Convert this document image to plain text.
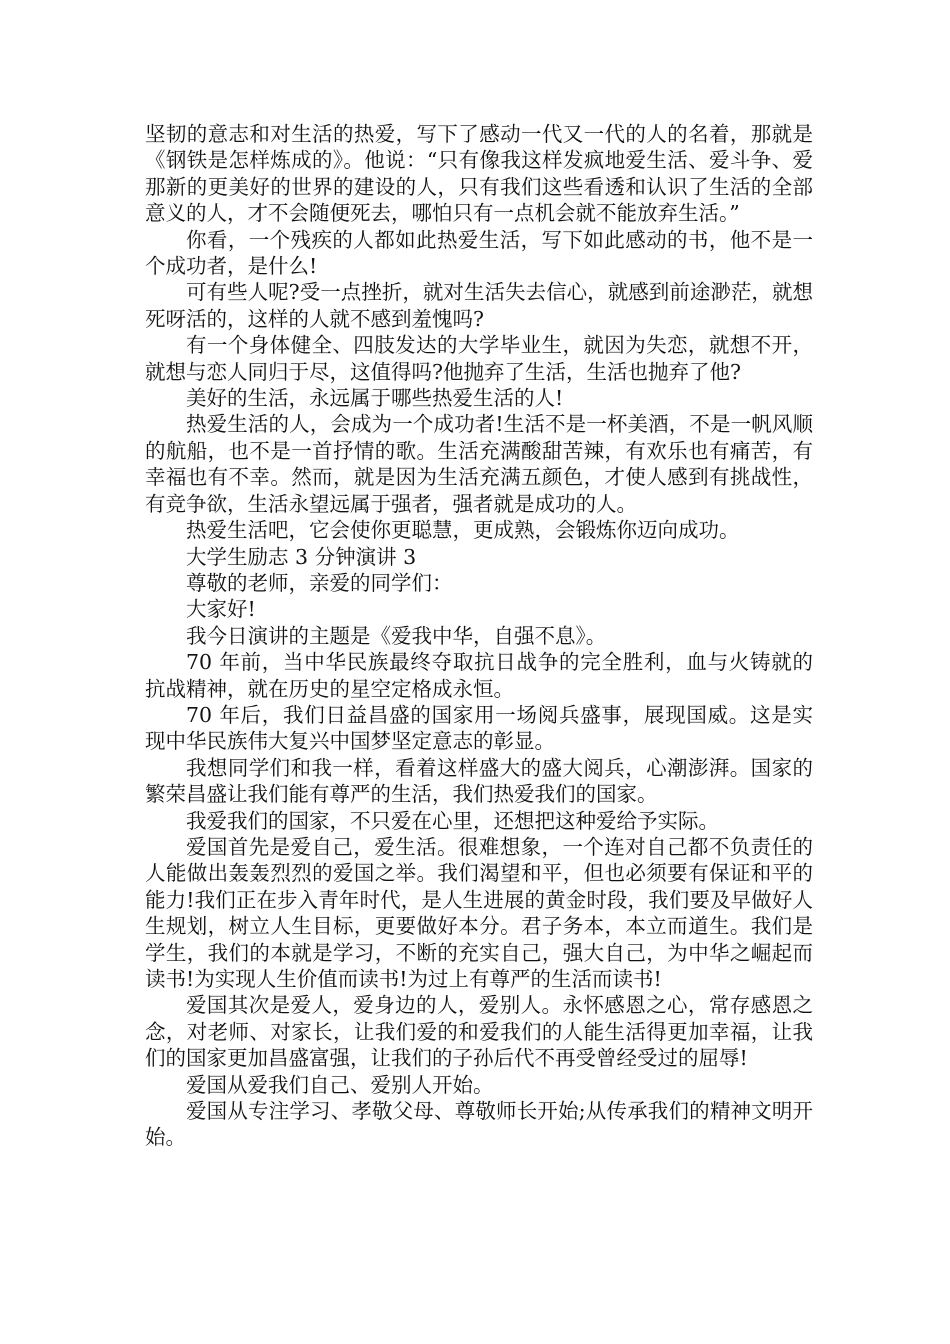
坚韧的意志和对生活的热爱，写下了感动一代又一代的人的名着，那就是《钢铁是怎样炼成的》。他说：“只有像我这样发疯地爱生活、爱斗争、爱那新的更美好的世界的建设的人，只有我们这些看透和认识了生活的全部意义的人，才不会随便死去，哪怕只有一点机会就不能放弃生活。”

你看，一个残疾的人都如此热爱生活，写下如此感动的书，他不是一个成功者，是什么!

可有些人呢?受一点挫折，就对生活失去信心，就感到前途渺茫，就想死呀活的，这样的人就不感到羞愧吗?

有一个身体健全、四肢发达的大学毕业生，就因为失恋，就想不开，就想与恋人同归于尽，这值得吗?他抛弃了生活，生活也抛弃了他?

美好的生活，永远属于哪些热爱生活的人!

热爱生活的人，会成为一个成功者!生活不是一杯美酒，不是一帆风顺的航船，也不是一首抒情的歌。生活充满酸甜苦辣，有欢乐也有痛苦，有幸福也有不幸。然而，就是因为生活充满五颜色，才使人感到有挑战性，有竞争欲，生活永望远属于强者，强者就是成功的人。

热爱生活吧，它会使你更聪慧，更成熟，会锻炼你迈向成功。

大学生励志 3 分钟演讲 3

尊敬的老师，亲爱的同学们：

大家好!

我今日演讲的主题是《爱我中华，自强不息》。

70 年前，当中华民族最终夺取抗日战争的完全胜利，血与火铸就的抗战精神，就在历史的星空定格成永恒。

70 年后，我们日益昌盛的国家用一场阅兵盛事，展现国威。这是实现中华民族伟大复兴中国梦坚定意志的彰显。

我想同学们和我一样，看着这样盛大的盛大阅兵，心潮澎湃。国家的繁荣昌盛让我们能有尊严的生活，我们热爱我们的国家。

我爱我们的国家，不只爱在心里，还想把这种爱给予实际。

爱国首先是爱自己，爱生活。很难想象，一个连对自己都不负责任的人能做出轰轰烈烈的爱国之举。我们渴望和平，但也必须要有保证和平的能力!我们正在步入青年时代，是人生进展的黄金时段，我们要及早做好人生规划，树立人生目标，更要做好本分。君子务本，本立而道生。我们是学生，我们的本就是学习，不断的充实自己，强大自己，为中华之崛起而读书!为实现人生价值而读书!为过上有尊严的生活而读书!

爱国其次是爱人，爱身边的人，爱别人。永怀感恩之心，常存感恩之念，对老师、对家长，让我们爱的和爱我们的人能生活得更加幸福，让我们的国家更加昌盛富强，让我们的子孙后代不再受曾经受过的屈辱!

爱国从爱我们自己、爱别人开始。

爱国从专注学习、孝敬父母、尊敬师长开始;从传承我们的精神文明开始。
